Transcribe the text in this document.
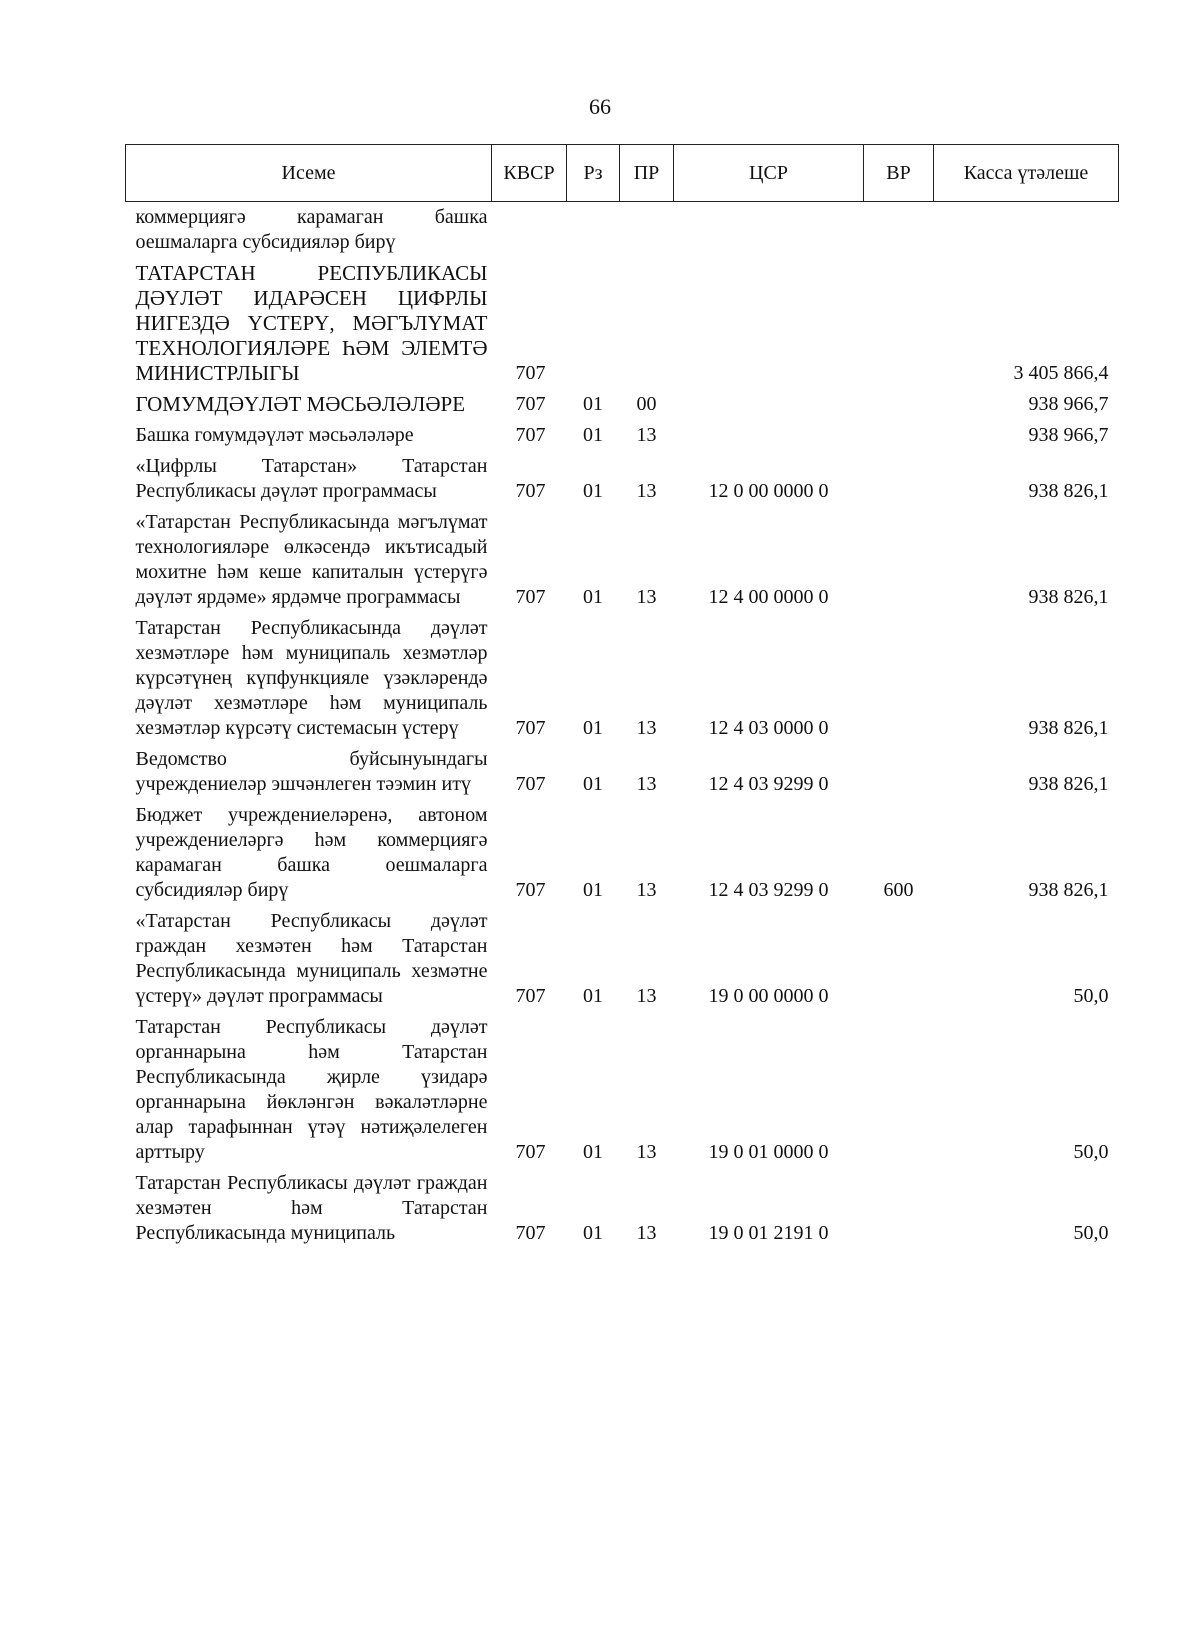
66
Исеме	КВСР	Рз	ПР	ЦСР	ВР	Касса үтәлеше
коммерциягә карамаган башка оешмаларга субсидияләр бирү						
ТАТАРСТАН РЕСПУБЛИКАСЫ ДӘҮЛӘТ ИДАРӘСЕН ЦИФРЛЫ НИГЕЗДӘ ҮСТЕРҮ, МӘГЪЛҮМАТ ТЕХНОЛОГИЯЛӘРЕ ҺӘМ ЭЛЕМТӘ МИНИСТРЛЫГЫ	707					3 405 866,4
ГОМУМДӘҮЛӘТ МӘСЬӘЛӘЛӘРЕ	707	01	00			938 966,7
Башка гомумдәүләт мәсьәләләре	707	01	13			938 966,7
«Цифрлы Татарстан» Татарстан Республикасы дәүләт программасы	707	01	13	12 0 00 0000 0		938 826,1
«Татарстан Республикасында мәгълүмат технологияләре өлкәсендә икътисадый мохитне һәм кеше капиталын үстерүгә дәүләт ярдәме» ярдәмче программасы	707	01	13	12 4 00 0000 0		938 826,1
Татарстан Республикасында дәүләт хезмәтләре һәм муниципаль хезмәтләр күрсәтүнең күпфункцияле үзәкләрендә дәүләт хезмәтләре һәм муниципаль хезмәтләр күрсәтү системасын үстерү	707	01	13	12 4 03 0000 0		938 826,1
Ведомство буйсынуындагы учреждениеләр эшчәнлеген тәэмин итү	707	01	13	12 4 03 9299 0		938 826,1
Бюджет учреждениеләренә, автоном учреждениеләргә һәм коммерциягә карамаган башка оешмаларга субсидияләр бирү	707	01	13	12 4 03 9299 0	600	938 826,1
«Татарстан Республикасы дәүләт граждан хезмәтен һәм Татарстан Республикасында муниципаль хезмәтне үстерү» дәүләт программасы	707	01	13	19 0 00 0000 0		50,0
Татарстан Республикасы дәүләт органнарына һәм Татарстан Республикасында җирле үзидарә органнарына йөкләнгән вәкаләтләрне алар тарафыннан үтәү нәтиҗәлелеген арттыру	707	01	13	19 0 01 0000 0		50,0
Татарстан Республикасы дәүләт граждан хезмәтен һәм Татарстан Республикасында муниципаль	707	01	13	19 0 01 2191 0		50,0
